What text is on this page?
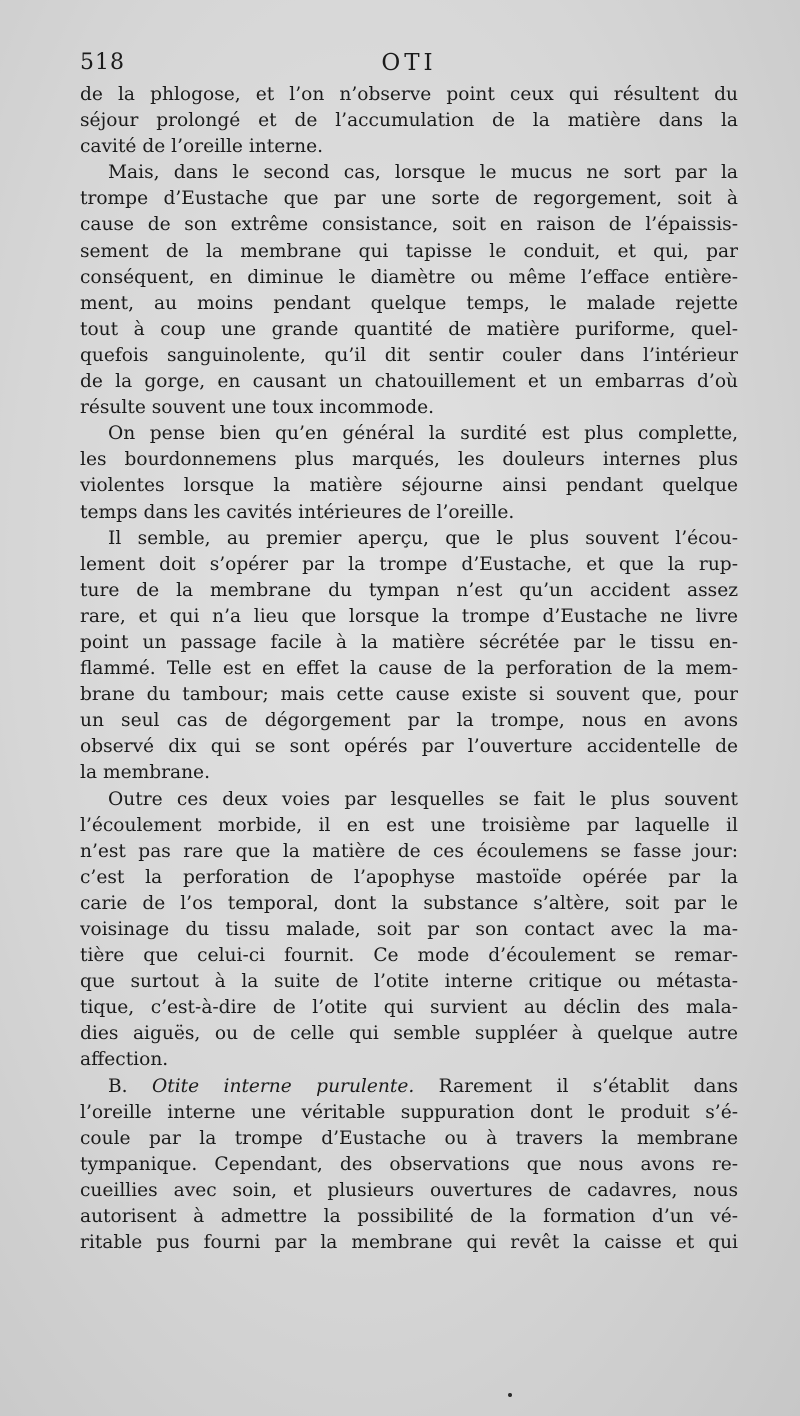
518	OTI
de la phlogose, et l’on n’observe point ceux qui résultent du
séjour prolongé et de l’accumulation de la matière dans la
cavité de l’oreille interne.
Mais, dans le second cas, lorsque le mucus ne sort par la
trompe d’Eustache que par une sorte de regorgement, soit à
cause de son extrême consistance, soit en raison de l’épaissis-
sement de la membrane qui tapisse le conduit, et qui, par
conséquent, en diminue le diamètre ou même l’efface entière-
ment, au moins pendant quelque temps, le malade rejette
tout à coup une grande quantité de matière puriforme, quel-
quefois sanguinolente, qu’il dit sentir couler dans l’intérieur
de la gorge, en causant un chatouillement et un embarras d’où
résulte souvent une toux incommode.
On pense bien qu’en général la surdité est plus complette,
les bourdonnemens plus marqués, les douleurs internes plus
violentes lorsque la matière séjourne ainsi pendant quelque
temps dans les cavités intérieures de l’oreille.
Il semble, au premier aperçu, que le plus souvent l’écou-
lement doit s’opérer par la trompe d’Eustache, et que la rup-
ture de la membrane du tympan n’est qu’un accident assez
rare, et qui n’a lieu que lorsque la trompe d’Eustache ne livre
point un passage facile à la matière sécrétée par le tissu en-
flammé. Telle est en effet la cause de la perforation de la mem-
brane du tambour; mais cette cause existe si souvent que, pour
un seul cas de dégorgement par la trompe, nous en avons
observé dix qui se sont opérés par l’ouverture accidentelle de
la membrane.
Outre ces deux voies par lesquelles se fait le plus souvent
l’écoulement morbide, il en est une troisième par laquelle il
n’est pas rare que la matière de ces écoulemens se fasse jour:
c’est la perforation de l’apophyse mastoïde opérée par la
carie de l’os temporal, dont la substance s’altère, soit par le
voisinage du tissu malade, soit par son contact avec la ma-
tière que celui-ci fournit. Ce mode d’écoulement se remar-
que surtout à la suite de l’otite interne critique ou métasta-
tique, c’est-à-dire de l’otite qui survient au déclin des mala-
dies aiguës, ou de celle qui semble suppléer à quelque autre
affection.
B. Otite interne purulente. Rarement il s’établit dans
l’oreille interne une véritable suppuration dont le produit s’é-
coule par la trompe d’Eustache ou à travers la membrane
tympanique. Cependant, des observations que nous avons re-
cueillies avec soin, et plusieurs ouvertures de cadavres, nous
autorisent à admettre la possibilité de la formation d’un vé-
ritable pus fourni par la membrane qui revêt la caisse et qui
